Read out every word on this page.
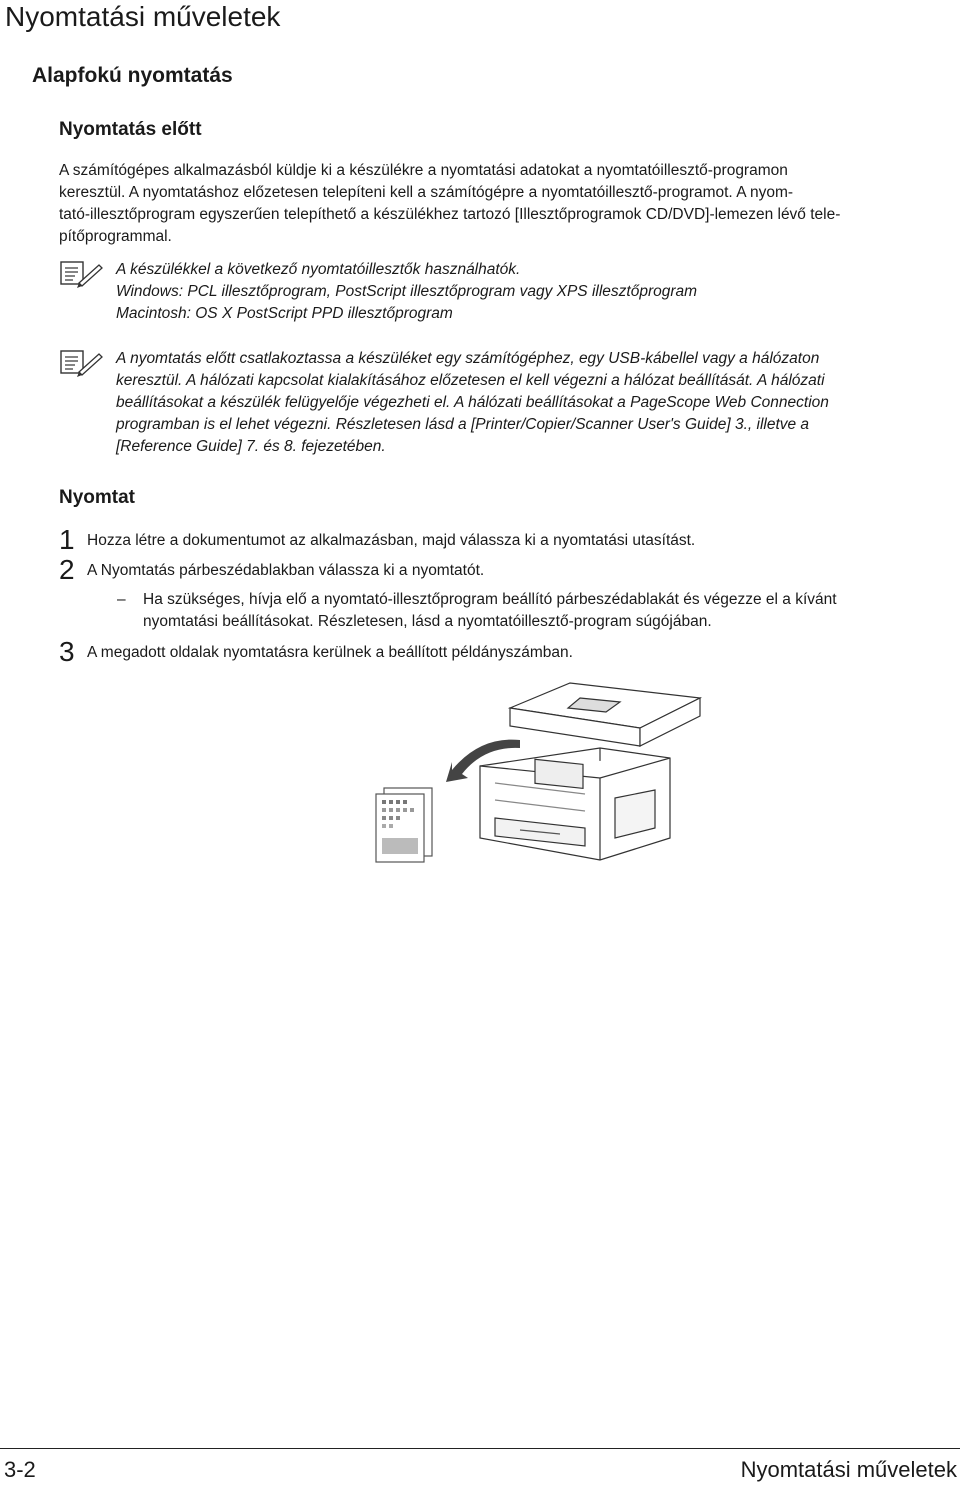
Nyomtatási műveletek
Alapfokú nyomtatás
Nyomtatás előtt

A számítógépes alkalmazásból küldje ki a készülékre a nyomtatási adatokat a nyomtatóillesztő-programon

keresztül. A nyomtatáshoz előzetesen telepíteni kell a számítógépre a nyomtatóillesztő-programot. A nyom-

tató-illesztőprogram egyszerűen telepíthető a készülékhez tartozó [Illesztőprogramok CD/DVD]-lemezen lévő tele-

pítőprogrammal.

A készülékkel a következő nyomtatóillesztők használhatók.

Windows: PCL illesztőprogram, PostScript illesztőprogram vagy XPS illesztőprogram

Macintosh: OS X PostScript PPD illesztőprogram

A nyomtatás előtt csatlakoztassa a készüléket egy számítógéphez, egy USB-kábellel vagy a hálózaton

keresztül. A hálózati kapcsolat kialakításához előzetesen el kell végezni a hálózat beállítását. A hálózati

beállításokat a készülék felügyelője végezheti el. A hálózati beállításokat a PageScope Web Connection

programban is el lehet végezni. Részletesen lásd a [Printer/Copier/Scanner User's Guide] 3., illetve a

[Reference Guide] 7. és 8. fejezetében.

Nyomtat
1 Hozza létre a dokumentumot az alkalmazásban, majd válassza ki a nyomtatási utasítást.
2 A Nyomtatás párbeszédablakban válassza ki a nyomtatót.
– Ha szükséges, hívja elő a nyomtató-illesztőprogram beállító párbeszédablakát és végezze el a kívánt

nyomtatási beállításokat. Részletesen, lásd a nyomtatóillesztő-program súgójában.

3 A megadott oldalak nyomtatásra kerülnek a beállított példányszámban.
3-2	Nyomtatási műveletek
